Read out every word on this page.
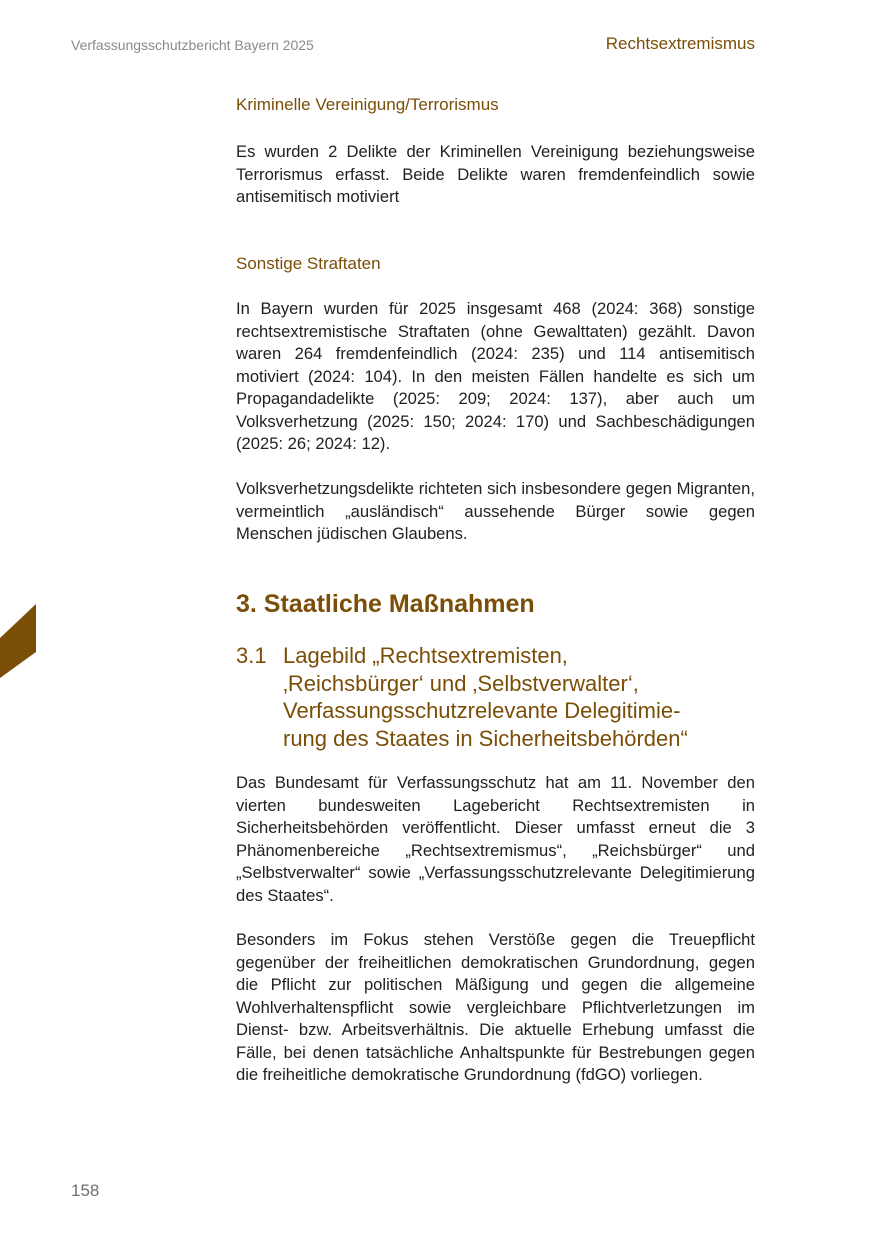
Verfassungsschutzbericht Bayern 2025	Rechtsextremismus
Kriminelle Vereinigung/Terrorismus

Es wurden 2 Delikte der Kriminellen Vereinigung beziehungsweise Terrorismus erfasst. Beide Delikte waren fremdenfeindlich sowie antisemitisch motiviert

Sonstige Straftaten

In Bayern wurden für 2025 insgesamt 468 (2024: 368) sonstige rechtsextremistische Straftaten (ohne Gewalttaten) gezählt. Davon waren 264 fremdenfeindlich (2024: 235) und 114 antisemitisch motiviert (2024: 104). In den meisten Fällen handelte es sich um Propagandadelikte (2025: 209; 2024: 137), aber auch um Volksverhetzung (2025: 150; 2024: 170) und Sachbeschädigungen (2025: 26; 2024: 12).

Volksverhetzungsdelikte richteten sich insbesondere gegen Migranten, vermeintlich „ausländisch“ aussehende Bürger sowie gegen Menschen jüdischen Glaubens.

3. Staatliche Maßnahmen
3.1 Lagebild „Rechtsextremisten,
‚Reichsbürger‘ und ‚Selbstverwalter‘,
Verfassungsschutzrelevante Delegitimie-
rung des Staates in Sicherheitsbehörden“

Das Bundesamt für Verfassungsschutz hat am 11. November den vierten bundesweiten Lagebericht Rechtsextremisten in Sicherheitsbehörden veröffentlicht. Dieser umfasst erneut die 3 Phänomenbereiche „Rechtsextremismus“, „Reichsbürger“ und „Selbstverwalter“ sowie „Verfassungsschutzrelevante Delegitimierung des Staates“.

Besonders im Fokus stehen Verstöße gegen die Treuepflicht gegenüber der freiheitlichen demokratischen Grundordnung, gegen die Pflicht zur politischen Mäßigung und gegen die allgemeine Wohlverhaltenspflicht sowie vergleichbare Pflichtverletzungen im Dienst- bzw. Arbeitsverhältnis. Die aktuelle Erhebung umfasst die Fälle, bei denen tatsächliche Anhaltspunkte für Bestrebungen gegen die freiheitliche demokratische Grundordnung (fdGO) vorliegen.

158
